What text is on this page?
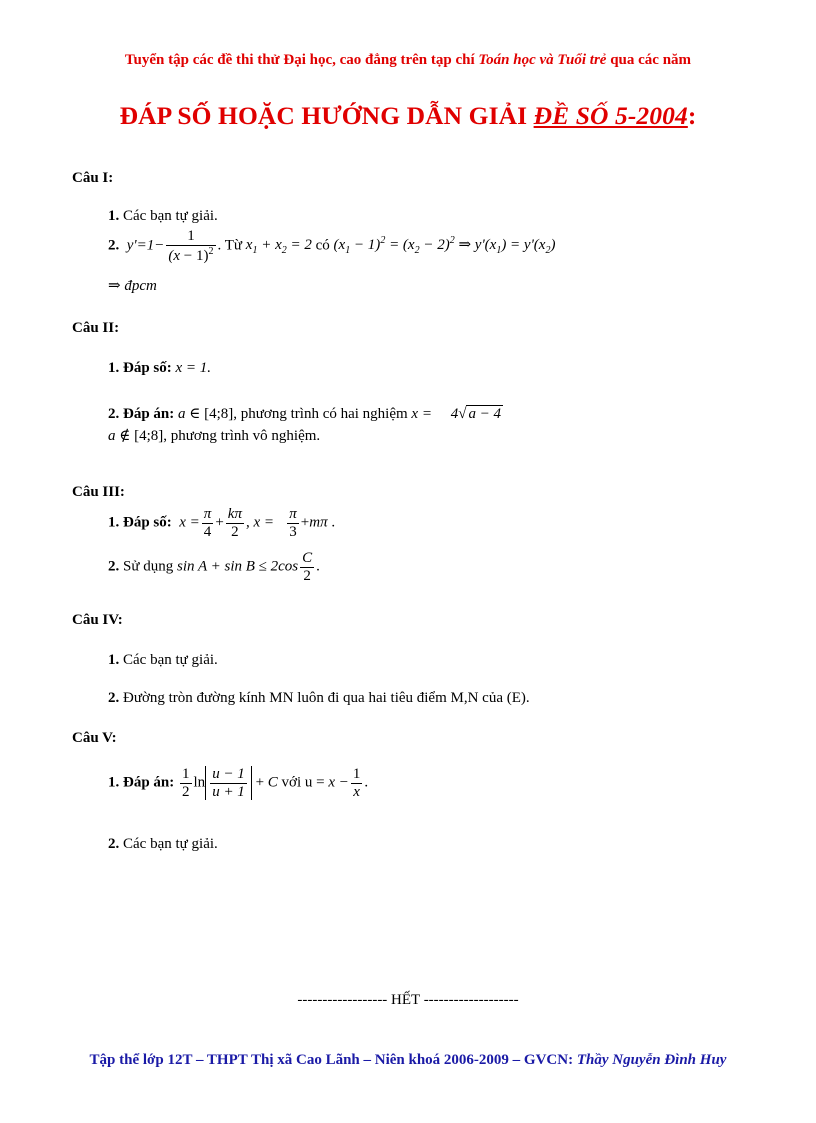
Tuyển tập các đề thi thử Đại học, cao đẳng trên tạp chí Toán học và Tuổi trẻ qua các năm
ĐÁP SỐ HOẶC HƯỚNG DẪN GIẢI ĐỀ SỐ 5-2004:
Câu I:
1. Các bạn tự giải.
2.  $y'=1- \frac{1}{(x - 1)^2}$ . Từ $x_1 + x_2 = 2$ có $(x_1 - 1)^2 = (x_2 - 2)^2$ ⇒ $y'(x_1) = y'(x_2)$
⇒ đpcm
Câu II:
1. Đáp số: x = 1.
2. Đáp án: a ∈ [4;8], phương trình có hai nghiệm x =     4√ a − 4
a ∉ [4;8], phương trình vô nghiệm.
Câu III:
1. Đáp số:  $x = \frac{\pi}{4} + \frac{k\pi}{2}$ , $x = \frac{\pi}{3} +m\pi$ .
2. Sử dụng $\sin A + \sin B \le 2\cos \frac{C}{2}$ .
Câu IV:
1. Các bạn tự giải.
2. Đường tròn đường kính MN luôn đi qua hai tiêu điểm M,N của (E).
Câu V:
1. Đáp án: $\frac{1}{2}$ $\ln \frac{u - 1}{u + 1} + C$ với $u = x - \frac{1}{x}$ .
2. Các bạn tự giải.
------------------ HẾT -------------------
Tập thể lớp 12T – THPT Thị xã Cao Lãnh – Niên khoá 2006-2009 – GVCN: Thầy Nguyễn Đình Huy
